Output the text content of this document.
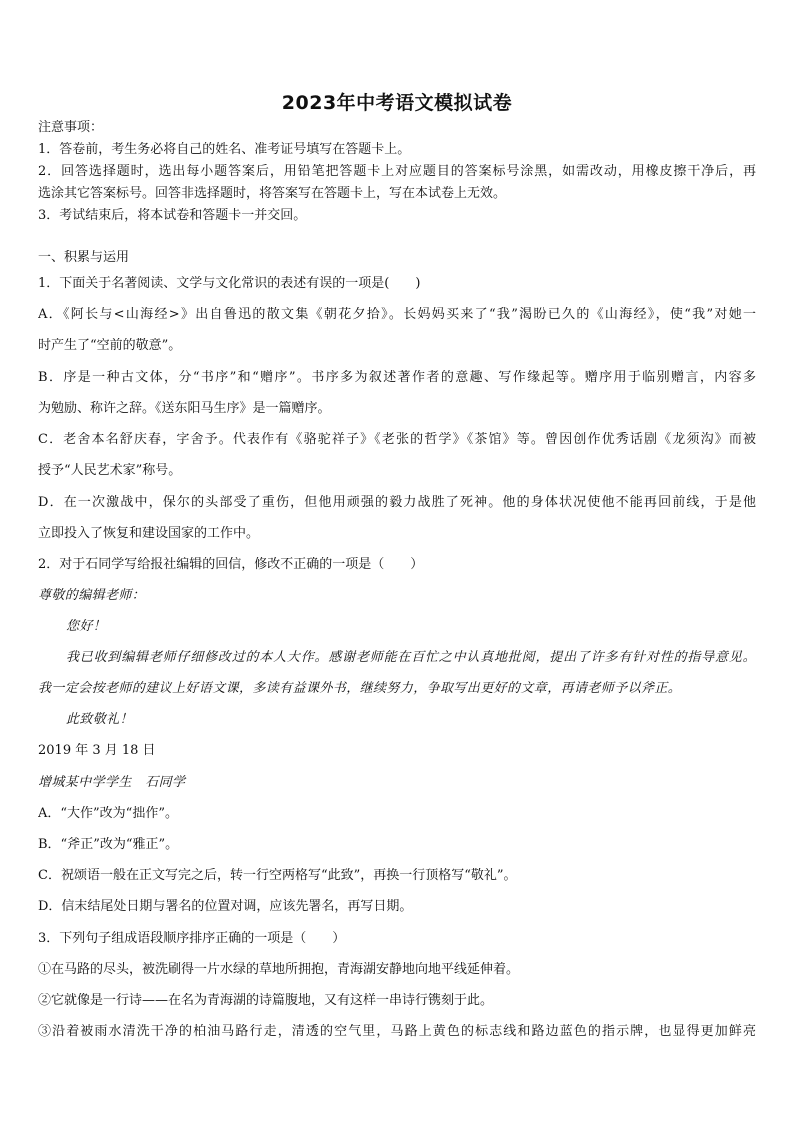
2023年中考语文模拟试卷
注意事项：
1．答卷前，考生务必将自己的姓名、准考证号填写在答题卡上。
2．回答选择题时，选出每小题答案后，用铅笔把答题卡上对应题目的答案标号涂黑，如需改动，用橡皮擦干净后，再
选涂其它答案标号。回答非选择题时，将答案写在答题卡上，写在本试卷上无效。
3．考试结束后，将本试卷和答题卡一并交回。
一、积累与运用
1．下面关于名著阅读、文学与文化常识的表述有误的一项是(　　)
A．《阿长与<山海经>》出自鲁迅的散文集《朝花夕拾》。长妈妈买来了“我”渴盼已久的《山海经》，使“我”对她一
时产生了“空前的敬意”。
B．序是一种古文体，分“书序”和“赠序”。书序多为叙述著作者的意趣、写作缘起等。赠序用于临别赠言，内容多
为勉励、称许之辞。《送东阳马生序》是一篇赠序。
C．老舍本名舒庆春，字舍予。代表作有《骆驼祥子》《老张的哲学》《茶馆》等。曾因创作优秀话剧《龙须沟》而被
授予“人民艺术家”称号。
D．在一次激战中，保尔的头部受了重伤，但他用顽强的毅力战胜了死神。他的身体状况使他不能再回前线，于是他
立即投入了恢复和建设国家的工作中。
2．对于石同学写给报社编辑的回信，修改不正确的一项是（　　）
尊敬的编辑老师：
您好！
我已收到编辑老师仔细修改过的本人大作。感谢老师能在百忙之中认真地批阅，提出了许多有针对性的指导意见。
我一定会按老师的建议上好语文课，多读有益课外书，继续努力，争取写出更好的文章，再请老师予以斧正。
此致敬礼！
2019 年 3 月 18 日
增城某中学学生　石同学
A．“大作”改为“拙作”。
B．“斧正”改为“雅正”。
C．祝颂语一般在正文写完之后，转一行空两格写“此致”，再换一行顶格写“敬礼”。
D．信末结尾处日期与署名的位置对调，应该先署名，再写日期。
3．下列句子组成语段顺序排序正确的一项是（　　）
①在马路的尽头，被洗刷得一片水绿的草地所拥抱，青海湖安静地向地平线延伸着。
②它就像是一行诗——在名为青海湖的诗篇腹地，又有这样一串诗行镌刻于此。
③沿着被雨水清洗干净的柏油马路行走，清透的空气里，马路上黄色的标志线和路边蓝色的指示牌，也显得更加鲜亮
